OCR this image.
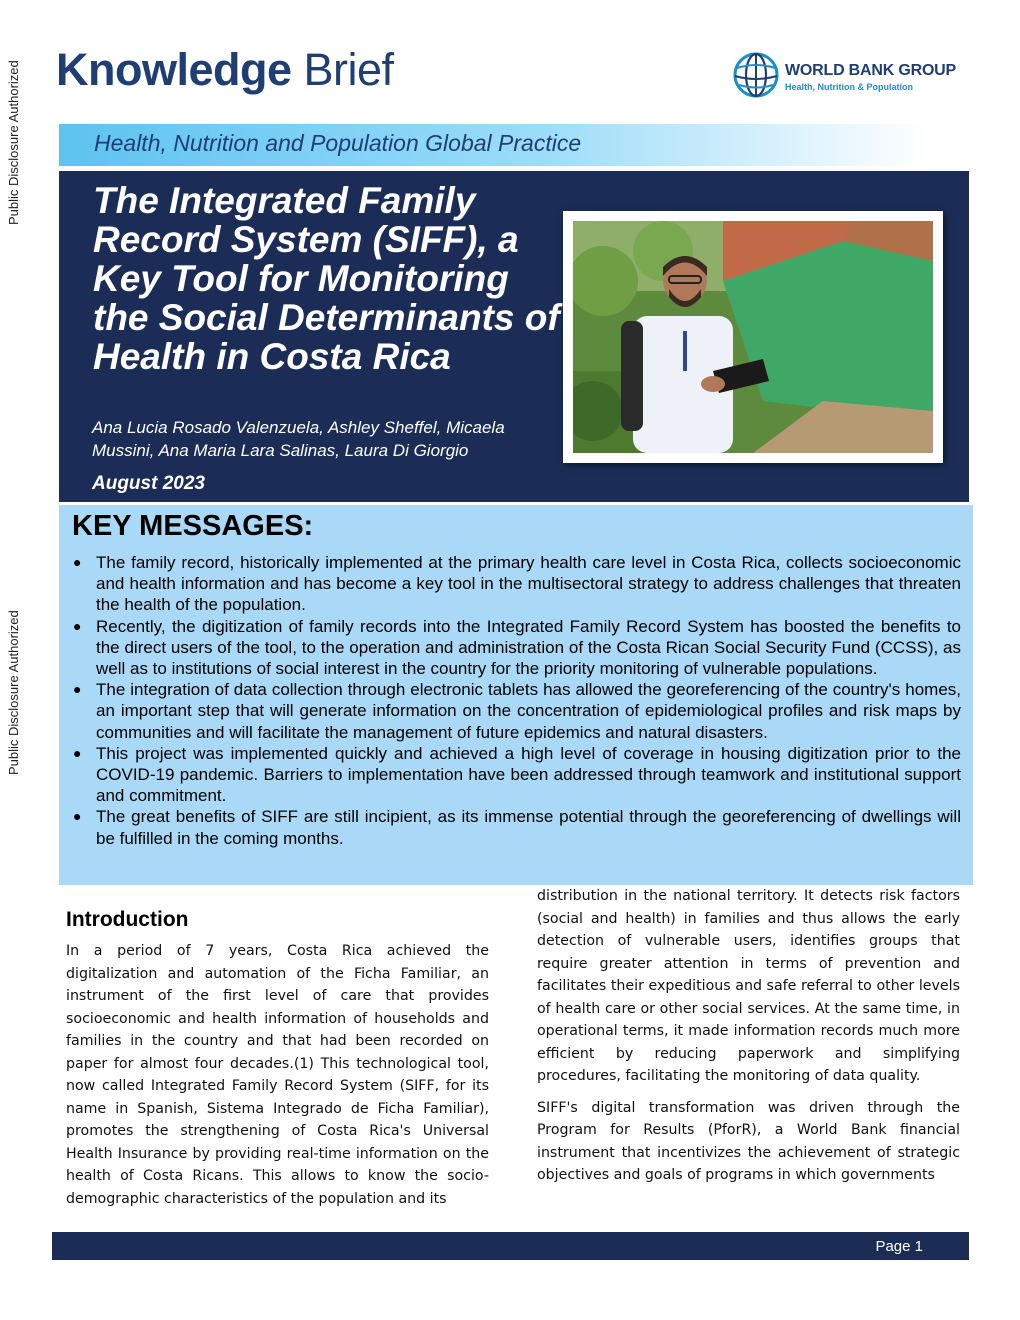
Public Disclosure Authorized
Public Disclosure Authorized
Knowledge Brief	WORLD BANK GROUP
Health, Nutrition & Population
Health, Nutrition and Population Global Practice
The Integrated Family Record System (SIFF), a Key Tool for Monitoring the Social Determinants of Health in Costa Rica
Ana Lucia Rosado Valenzuela, Ashley Sheffel, Micaela Mussini, Ana Maria Lara Salinas, Laura Di Giorgio
August 2023
KEY MESSAGES:
● The family record, historically implemented at the primary health care level in Costa Rica, collects socioeconomic and health information and has become a key tool in the multisectoral strategy to address challenges that threaten the health of the population.
● Recently, the digitization of family records into the Integrated Family Record System has boosted the benefits to the direct users of the tool, to the operation and administration of the Costa Rican Social Security Fund (CCSS), as well as to institutions of social interest in the country for the priority monitoring of vulnerable populations.
● The integration of data collection through electronic tablets has allowed the georeferencing of the country's homes, an important step that will generate information on the concentration of epidemiological profiles and risk maps by communities and will facilitate the management of future epidemics and natural disasters.
● This project was implemented quickly and achieved a high level of coverage in housing digitization prior to the COVID-19 pandemic. Barriers to implementation have been addressed through teamwork and institutional support and commitment.
● The great benefits of SIFF are still incipient, as its immense potential through the georeferencing of dwellings will be fulfilled in the coming months.
Introduction

In a period of 7 years, Costa Rica achieved the digitalization and automation of the Ficha Familiar, an instrument of the first level of care that provides socioeconomic and health information of households and families in the country and that had been recorded on paper for almost four decades.(1) This technological tool, now called Integrated Family Record System (SIFF, for its name in Spanish, Sistema Integrado de Ficha Familiar), promotes the strengthening of Costa Rica's Universal Health Insurance by providing real-time information on the health of Costa Ricans. This allows to know the socio-demographic characteristics of the population and its

distribution in the national territory. It detects risk factors (social and health) in families and thus allows the early detection of vulnerable users, identifies groups that require greater attention in terms of prevention and facilitates their expeditious and safe referral to other levels of health care or other social services. At the same time, in operational terms, it made information records much more efficient by reducing paperwork and simplifying procedures, facilitating the monitoring of data quality.

SIFF's digital transformation was driven through the Program for Results (PforR), a World Bank financial instrument that incentivizes the achievement of strategic objectives and goals of programs in which governments

Page 1
